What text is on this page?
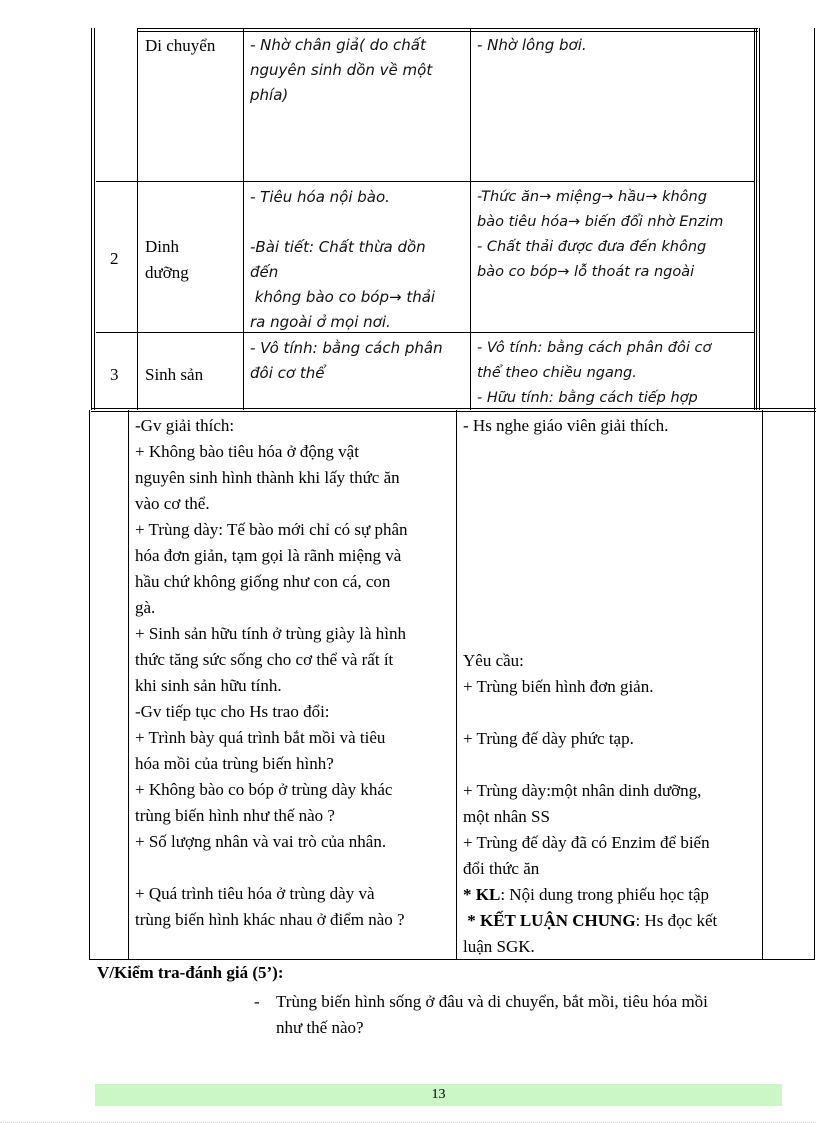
Di chuyển - Nhờ chân giả( do chất
nguyên sinh dồn về một
phía)
- Nhờ lông bơi.
2
Dinh
dưỡng
- Tiêu hóa nội bào.
-Bài tiết: Chất thừa dồn
đến
không bào co bóp→ thải
ra ngoài ở mọi nơi.
-Thức ăn→ miệng→ hầu→ không
bào tiêu hóa→ biến đổi nhờ Enzim
- Chất thải được đưa đến không
bào co bóp→ lỗ thoát ra ngoài
3 Sinh sản
- Vô tính: bằng cách phân
đôi cơ thể
- Vô tính: bằng cách phân đôi cơ
thể theo chiều ngang.
- Hữu tính: bằng cách tiếp hợp
-Gv giải thích:
+ Không bào tiêu hóa ở động vật
nguyên sinh hình thành khi lấy thức ăn
vào cơ thể.
+ Trùng dày: Tế bào mới chỉ có sự phân
hóa đơn giản, tạm gọi là rãnh miệng và
hầu chứ không giống như con cá, con
gà.
+ Sinh sản hữu tính ở trùng giày là hình
thức tăng sức sống cho cơ thể và rất ít
khi sinh sản hữu tính.
-Gv tiếp tục cho Hs trao đổi:
+ Trình bày quá trình bắt mồi và tiêu
hóa mồi của trùng biến hình?
+ Không bào co bóp ở trùng dày khác
trùng biến hình như thế nào ?
+ Số lượng nhân và vai trò của nhân.
+ Quá trình tiêu hóa ở trùng dày và
trùng biến hình khác nhau ở điểm nào ?
- Hs nghe giáo viên giải thích.
Yêu cầu:
+ Trùng biến hình đơn giản.
+ Trùng đế dày phức tạp.
+ Trùng dày:một nhân dinh dưỡng,
một nhân SS
+ Trùng đế dày đã có Enzim để biến
đổi thức ăn
* KL: Nội dung trong phiếu học tập
* KẾT LUẬN CHUNG: Hs đọc kết
luận SGK.
V/Kiểm tra-đánh giá (5’):
- Trùng biến hình sống ở đâu và di chuyển, bắt mồi, tiêu hóa mồi
như thế nào?
13
